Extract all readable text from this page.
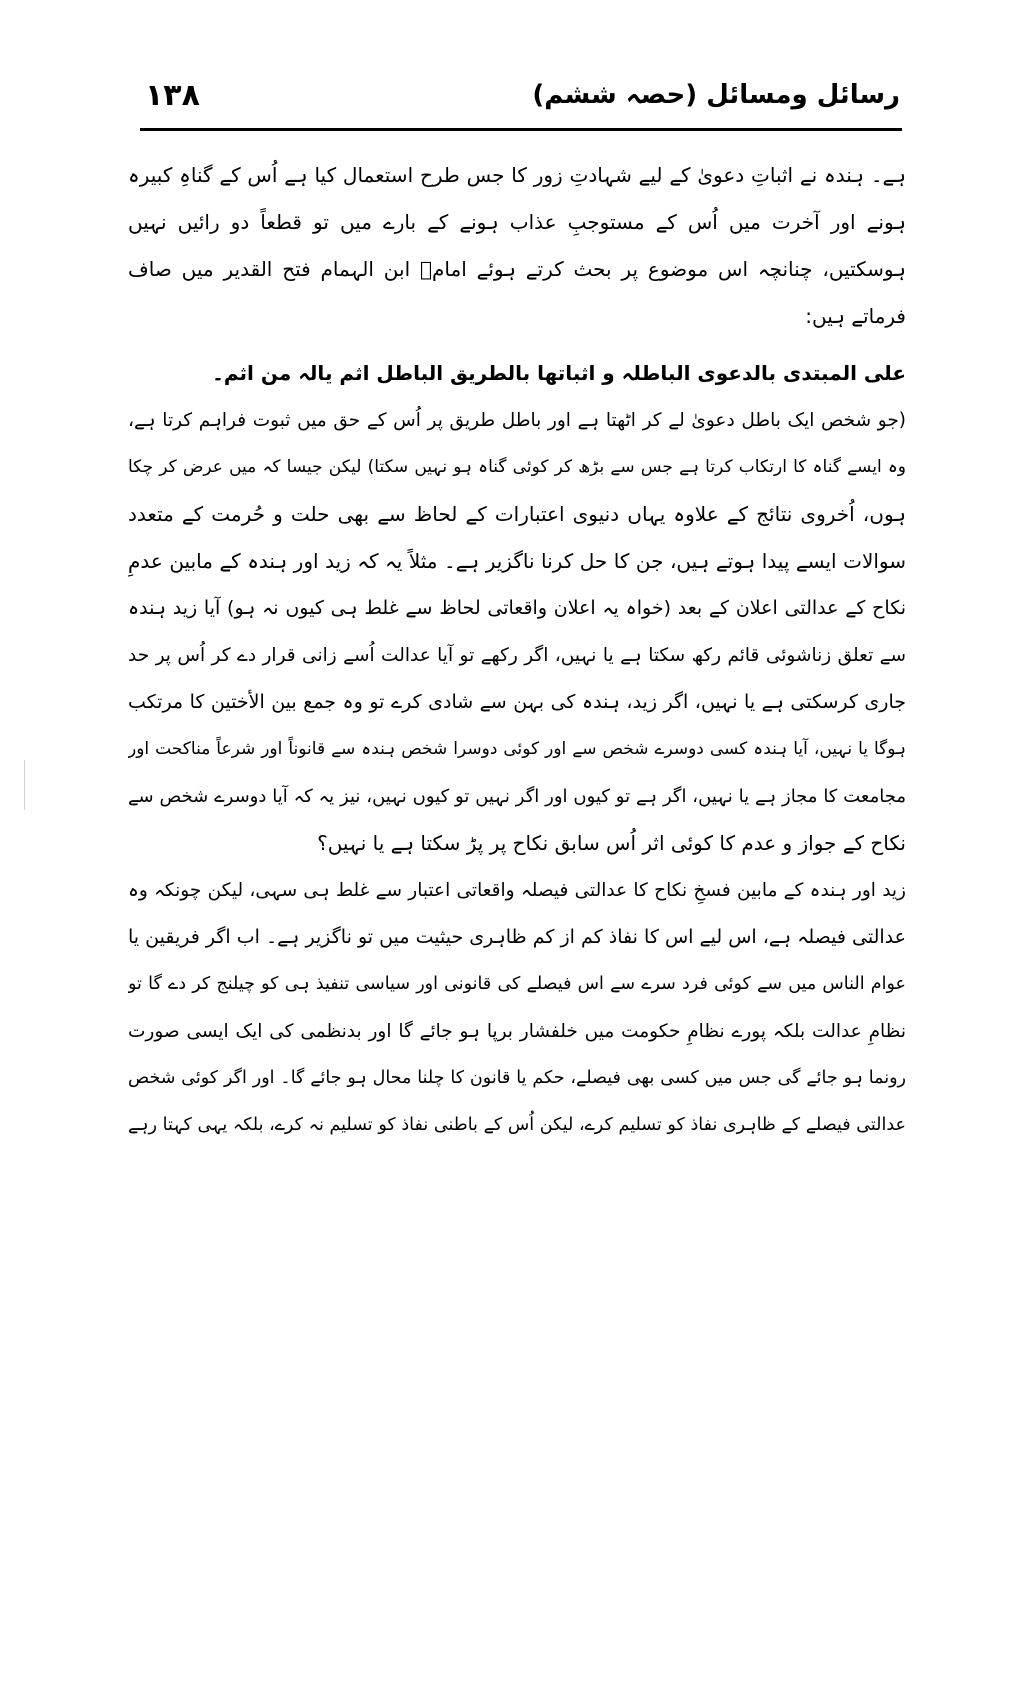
رسائل ومسائل (حصہ ششم)
۱۳۸
ہے۔ ہندہ نے اثباتِ دعویٰ کے لیے شہادتِ زور کا جس طرح استعمال کیا ہے اُس کے گناہِ کبیرہ
ہونے اور آخرت میں اُس کے مستوجبِ عذاب ہونے کے بارے میں تو قطعاً دو رائیں نہیں
ہوسکتیں، چنانچہ اس موضوع پر بحث کرتے ہوئے امامؒ ابن الہمام فتح القدیر میں صاف
فرماتے ہیں:
علی المبتدی بالدعوی الباطلہ و اثباتھا بالطریق الباطل اثم یالہ من اثم۔
(جو شخص ایک باطل دعویٰ لے کر اٹھتا ہے اور باطل طریق پر اُس کے حق میں ثبوت فراہم کرتا ہے،
وہ ایسے گناہ کا ارتکاب کرتا ہے جس سے بڑھ کر کوئی گناہ ہو نہیں سکتا) لیکن جیسا کہ میں عرض کر چکا
ہوں، اُخروی نتائج کے علاوہ یہاں دنیوی اعتبارات کے لحاظ سے بھی حلت و حُرمت کے متعدد
سوالات ایسے پیدا ہوتے ہیں، جن کا حل کرنا ناگزیر ہے۔ مثلاً یہ کہ زید اور ہندہ کے مابین عدمِ
نکاح کے عدالتی اعلان کے بعد (خواہ یہ اعلان واقعاتی لحاظ سے غلط ہی کیوں نہ ہو) آیا زید ہندہ
سے تعلق زناشوئی قائم رکھ سکتا ہے یا نہیں، اگر رکھے تو آیا عدالت اُسے زانی قرار دے کر اُس پر حد
جاری کرسکتی ہے یا نہیں، اگر زید، ہندہ کی بہن سے شادی کرے تو وہ جمع بین الأختین کا مرتکب
ہوگا یا نہیں، آیا ہندہ کسی دوسرے شخص سے اور کوئی دوسرا شخص ہندہ سے قانوناً اور شرعاً مناکحت اور
مجامعت کا مجاز ہے یا نہیں، اگر ہے تو کیوں اور اگر نہیں تو کیوں نہیں، نیز یہ کہ آیا دوسرے شخص سے
نکاح کے جواز و عدم کا کوئی اثر اُس سابق نکاح پر پڑ سکتا ہے یا نہیں؟
زید اور ہندہ کے مابین فسخِ نکاح کا عدالتی فیصلہ واقعاتی اعتبار سے غلط ہی سہی، لیکن چونکہ وہ
عدالتی فیصلہ ہے، اس لیے اس کا نفاذ کم از کم ظاہری حیثیت میں تو ناگزیر ہے۔ اب اگر فریقین یا
عوام الناس میں سے کوئی فرد سرے سے اس فیصلے کی قانونی اور سیاسی تنفیذ ہی کو چیلنج کر دے گا تو
نظامِ عدالت بلکہ پورے نظامِ حکومت میں خلفشار برپا ہو جائے گا اور بدنظمی کی ایک ایسی صورت
رونما ہو جائے گی جس میں کسی بھی فیصلے، حکم یا قانون کا چلنا محال ہو جائے گا۔ اور اگر کوئی شخص
عدالتی فیصلے کے ظاہری نفاذ کو تسلیم کرے، لیکن اُس کے باطنی نفاذ کو تسلیم نہ کرے، بلکہ یہی کہتا رہے
